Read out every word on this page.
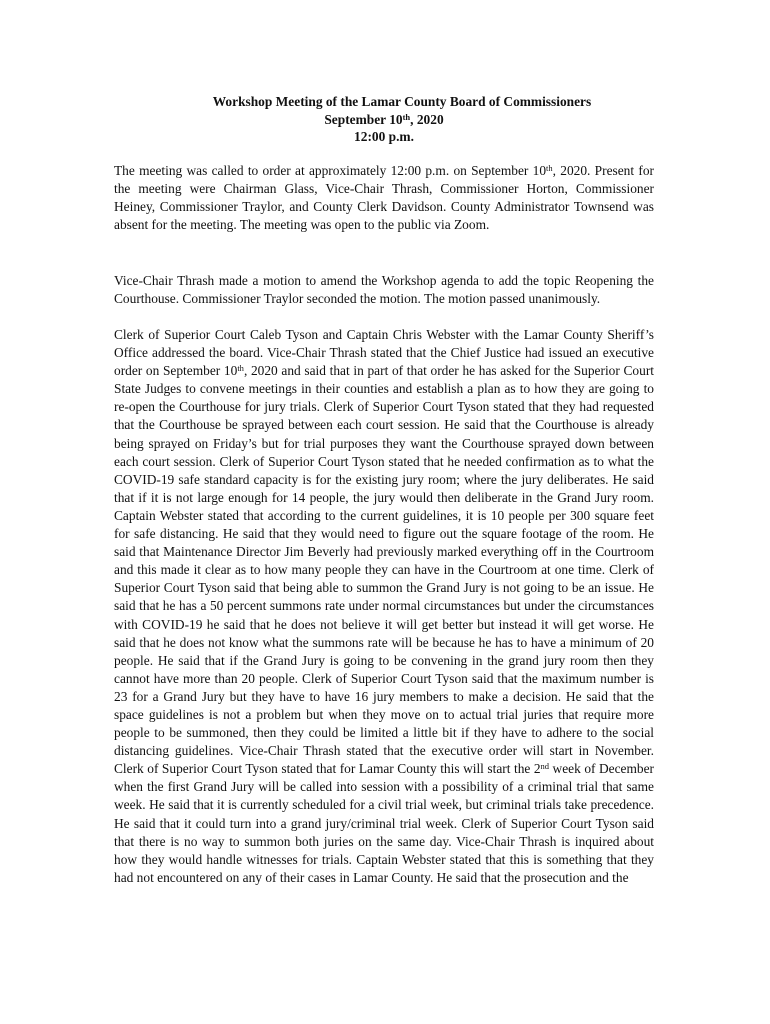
Workshop Meeting of the Lamar County Board of Commissioners
September 10th, 2020
12:00 p.m.

The meeting was called to order at approximately 12:00 p.m. on September 10th, 2020. Present for the meeting were Chairman Glass, Vice-Chair Thrash, Commissioner Horton, Commissioner Heiney, Commissioner Traylor, and County Clerk Davidson. County Administrator Townsend was absent for the meeting. The meeting was open to the public via Zoom.

Vice-Chair Thrash made a motion to amend the Workshop agenda to add the topic Reopening the Courthouse. Commissioner Traylor seconded the motion. The motion passed unanimously.

Clerk of Superior Court Caleb Tyson and Captain Chris Webster with the Lamar County Sheriff’s Office addressed the board. Vice-Chair Thrash stated that the Chief Justice had issued an executive order on September 10th, 2020 and said that in part of that order he has asked for the Superior Court State Judges to convene meetings in their counties and establish a plan as to how they are going to re-open the Courthouse for jury trials. Clerk of Superior Court Tyson stated that they had requested that the Courthouse be sprayed between each court session. He said that the Courthouse is already being sprayed on Friday’s but for trial purposes they want the Courthouse sprayed down between each court session. Clerk of Superior Court Tyson stated that he needed confirmation as to what the COVID-19 safe standard capacity is for the existing jury room; where the jury deliberates. He said that if it is not large enough for 14 people, the jury would then deliberate in the Grand Jury room. Captain Webster stated that according to the current guidelines, it is 10 people per 300 square feet for safe distancing. He said that they would need to figure out the square footage of the room. He said that Maintenance Director Jim Beverly had previously marked everything off in the Courtroom and this made it clear as to how many people they can have in the Courtroom at one time. Clerk of Superior Court Tyson said that being able to summon the Grand Jury is not going to be an issue. He said that he has a 50 percent summons rate under normal circumstances but under the circumstances with COVID-19 he said that he does not believe it will get better but instead it will get worse. He said that he does not know what the summons rate will be because he has to have a minimum of 20 people. He said that if the Grand Jury is going to be convening in the grand jury room then they cannot have more than 20 people. Clerk of Superior Court Tyson said that the maximum number is 23 for a Grand Jury but they have to have 16 jury members to make a decision. He said that the space guidelines is not a problem but when they move on to actual trial juries that require more people to be summoned, then they could be limited a little bit if they have to adhere to the social distancing guidelines. Vice-Chair Thrash stated that the executive order will start in November. Clerk of Superior Court Tyson stated that for Lamar County this will start the 2nd week of December when the first Grand Jury will be called into session with a possibility of a criminal trial that same week. He said that it is currently scheduled for a civil trial week, but criminal trials take precedence. He said that it could turn into a grand jury/criminal trial week. Clerk of Superior Court Tyson said that there is no way to summon both juries on the same day. Vice-Chair Thrash is inquired about how they would handle witnesses for trials. Captain Webster stated that this is something that they had not encountered on any of their cases in Lamar County. He said that the prosecution and the
